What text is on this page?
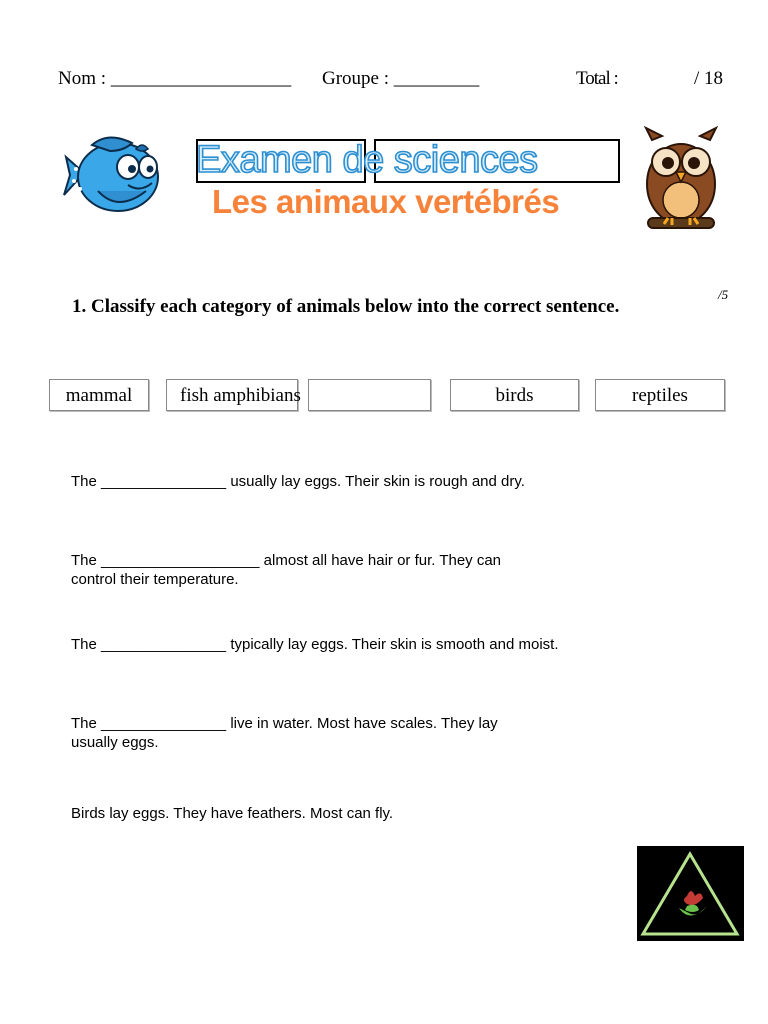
Nom : ___________________ Groupe : _________	Total :	/ 18
Examen de sciences
Les animaux vertébrés
/5
1. Classify each category of animals below into the correct sentence.
mammal	fish amphibians	birds	reptiles
The _______________ usually lay eggs. Their skin is rough and dry.
The ___________________ almost all have hair or fur. They can control their temperature.
The _______________ typically lay eggs. Their skin is smooth and moist.
The _______________ live in water. Most have scales. They lay usually eggs.
Birds lay eggs. They have feathers. Most can fly.
